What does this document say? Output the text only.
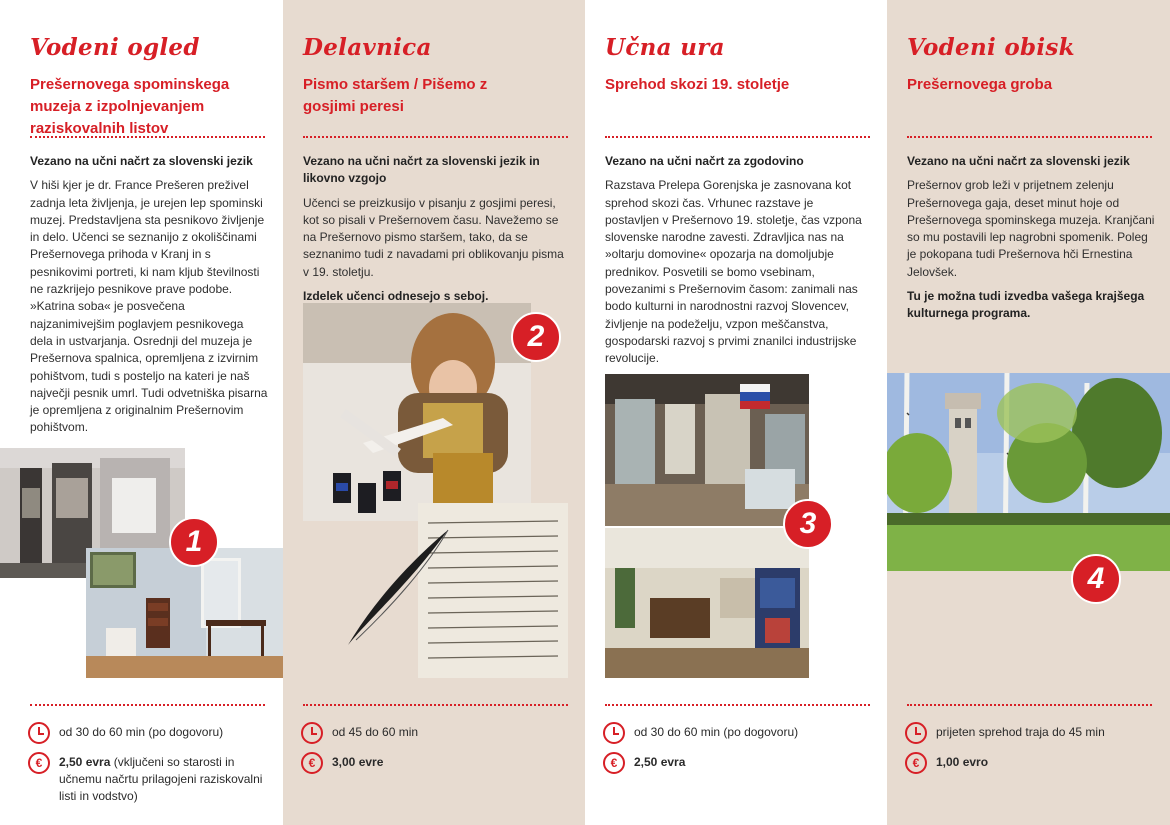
Vodeni ogled
Prešernovega spominskega muzeja z izpolnjevanjem raziskovalnih listov
Vezano na učni načrt za slovenski jezik
V hiši kjer je dr. France Prešeren preživel zadnja leta življenja, je urejen lep spominski muzej. Predstavljena sta pesnikovo življenje in delo. Učenci se seznanijo z okoliščinami Prešernovega prihoda v Kranj in s pesnikovimi portreti, ki nam kljub številnosti ne razkrijejo pesnikove prave podobe. »Katrina soba« je posvečena najzanimivejšim poglavjem pesnikovega dela in ustvarjanja. Osrednji del muzeja je Prešernova spalnica, opremljena z izvirnim pohištvom, tudi s posteljo na kateri je naš največji pesnik umrl. Tudi odvetniška pisarna je opremljena z originalnim Prešernovim pohištvom.
1
od 30 do 60 min (po dogovoru)
€	2,50 evra (vključeni so starosti in učnemu načrtu prilagojeni raziskovalni listi in vodstvo)
Delavnica
Pismo staršem / Pišemo z gosjimi peresi
Vezano na učni načrt za slovenski jezik in likovno vzgojo
Učenci se preizkusijo v pisanju z gosjimi peresi, kot so pisali v Prešernovem času. Navežemo se na Prešernovo pismo staršem, tako, da se seznanimo tudi z navadami pri oblikovanju pisma v 19. stoletju.
Izdelek učenci odnesejo s seboj.
2
od 45 do 60 min
€	3,00 evre
Učna ura
Sprehod skozi 19. stoletje
Vezano na učni načrt za zgodovino
Razstava Prelepa Gorenjska je zasnovana kot sprehod skozi čas. Vrhunec razstave je postavljen v Prešernovo 19. stoletje, čas vzpona slovenske narodne zavesti. Zdravljica nas na »oltarju domovine« opozarja na domoljubje prednikov. Posvetili se bomo vsebinam, povezanimi s Prešernovim časom: zanimali nas bodo kulturni in narodnostni razvoj Slovencev, življenje na podeželju, vzpon meščanstva, gospodarski razvoj s prvimi znanilci industrijske revolucije.
3
od 30 do 60 min (po dogovoru)
€	2,50 evra
Vodeni obisk
Prešernovega groba
Vezano na učni načrt za slovenski jezik
Prešernov grob leži v prijetnem zelenju Prešernovega gaja, deset minut hoje od Prešernovega spominskega muzeja. Kranjčani so mu postavili lep nagrobni spomenik. Poleg je pokopana tudi Prešernova hči Ernestina Jelovšek.
Tu je možna tudi izvedba vašega krajšega kulturnega programa.
4
prijeten sprehod traja do 45 min
€	1,00 evro
